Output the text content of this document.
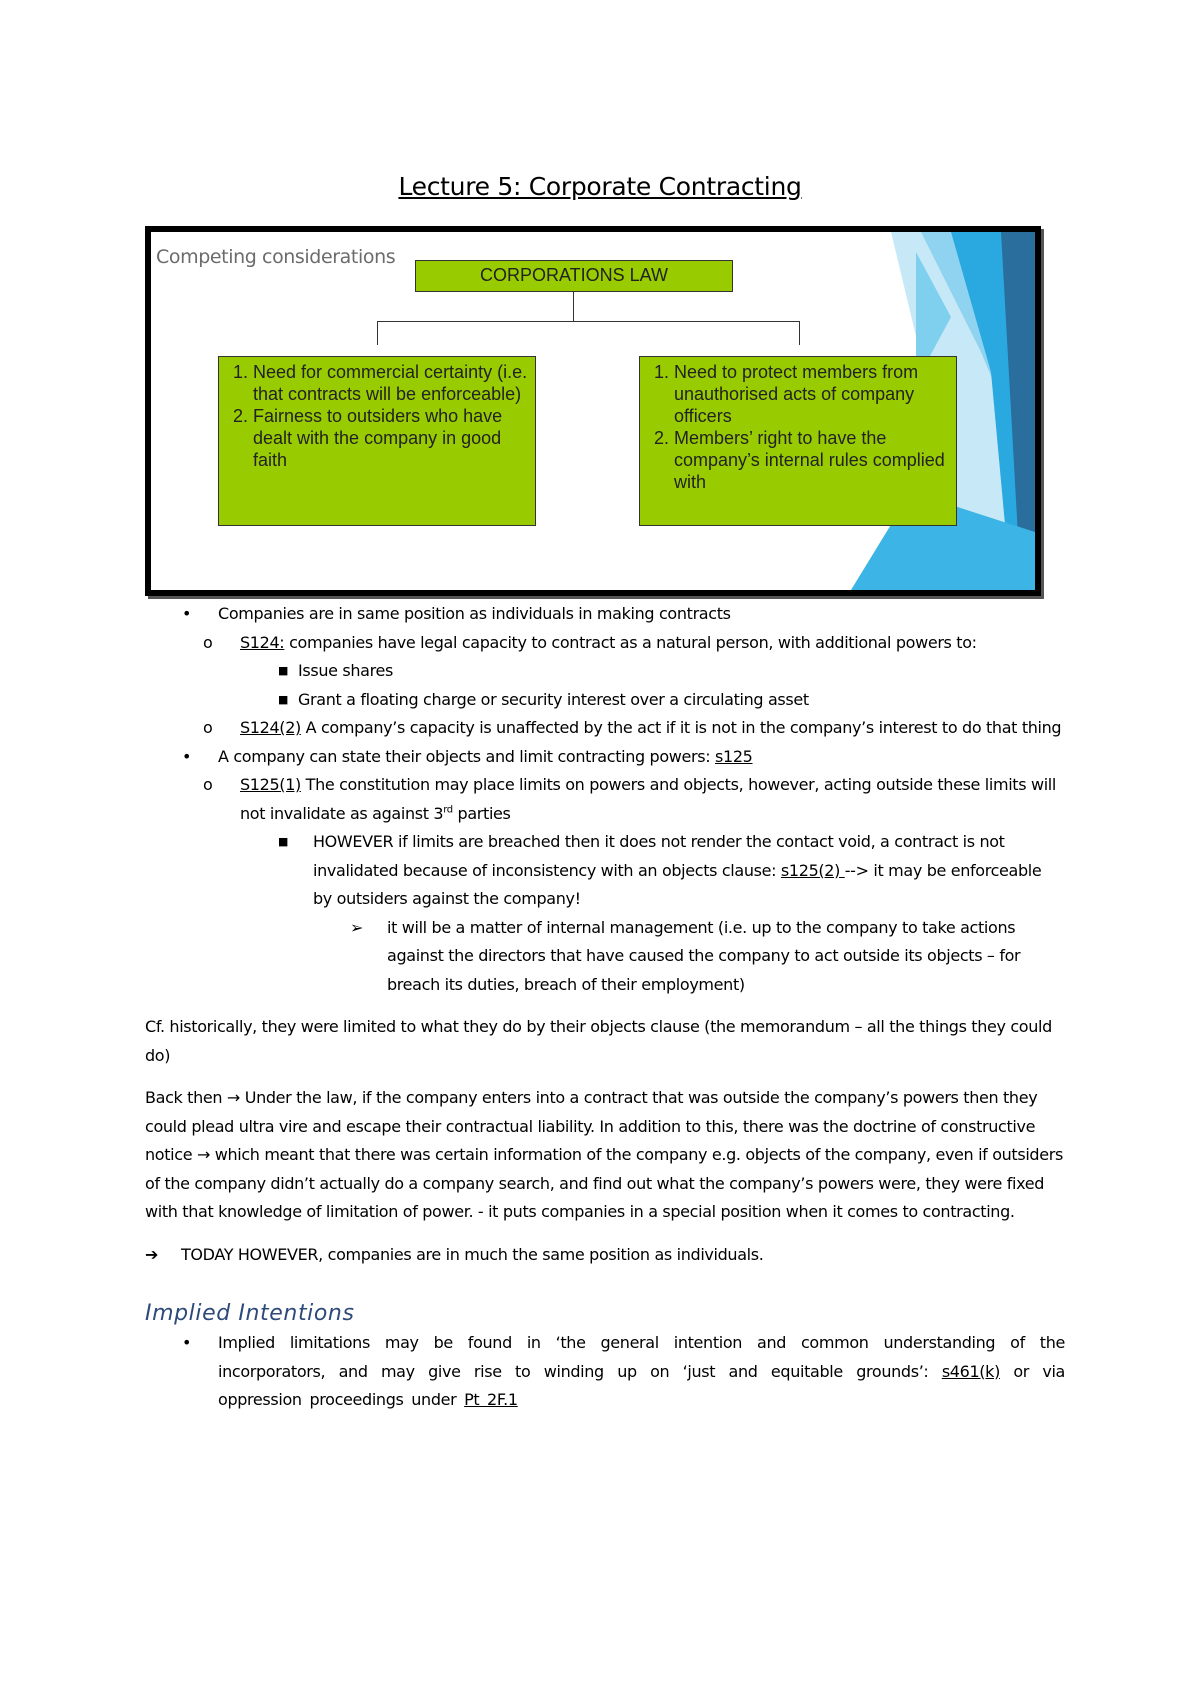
Lecture 5: Corporate Contracting
Competing considerations
CORPORATIONS LAW
1. Need for commercial certainty (i.e. that contracts will be enforceable)
2. Fairness to outsiders who have dealt with the company in good faith
1. Need to protect members from unauthorised acts of company officers
2. Members’ right to have the company’s internal rules complied with
• Companies are in same position as individuals in making contracts
o S124: companies have legal capacity to contract as a natural person, with additional powers to:
■ Issue shares
■ Grant a floating charge or security interest over a circulating asset
o S124(2) A company’s capacity is unaffected by the act if it is not in the company’s interest to do that thing
• A company can state their objects and limit contracting powers: s125
o S125(1) The constitution may place limits on powers and objects, however, acting outside these limits will not invalidate as against 3rd parties
■ HOWEVER if limits are breached then it does not render the contact void, a contract is not invalidated because of inconsistency with an objects clause: s125(2) --> it may be enforceable by outsiders against the company!
➢ it will be a matter of internal management (i.e. up to the company to take actions against the directors that have caused the company to act outside its objects – for breach its duties, breach of their employment)
Cf. historically, they were limited to what they do by their objects clause (the memorandum – all the things they could do)
Back then → Under the law, if the company enters into a contract that was outside the company’s powers then they could plead ultra vire and escape their contractual liability. In addition to this, there was the doctrine of constructive notice → which meant that there was certain information of the company e.g. objects of the company, even if outsiders of the company didn’t actually do a company search, and find out what the company’s powers were, they were fixed with that knowledge of limitation of power. - it puts companies in a special position when it comes to contracting.
➔ TODAY HOWEVER, companies are in much the same position as individuals.
Implied Intentions
• Implied limitations may be found in ‘the general intention and common understanding of the incorporators, and may give rise to winding up on ‘just and equitable grounds’: s461(k) or via oppression proceedings under Pt 2F.1
